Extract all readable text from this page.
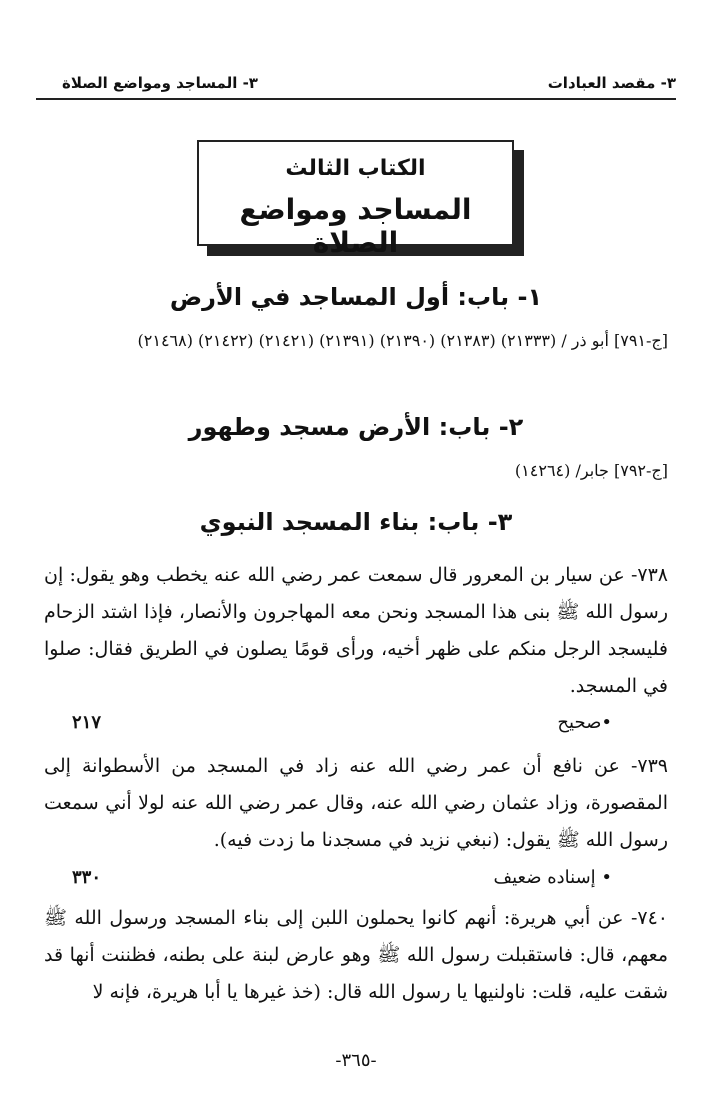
٣- مقصد العبادات
٣- المساجد ومواضع الصلاة
الكتاب الثالث
المساجد ومواضع الصلاة
١- باب: أول المساجد في الأرض
[ج-٧٩١] أبو ذر / (٢١٣٣٣) (٢١٣٨٣) (٢١٣٩٠) (٢١٣٩١) (٢١٤٢١) (٢١٤٢٢) (٢١٤٦٨)
٢- باب: الأرض مسجد وطهور
[ج-٧٩٢] جابر/ (١٤٢٦٤)
٣- باب: بناء المسجد النبوي
٧٣٨- عن سيار بن المعرور قال سمعت عمر رضي الله عنه يخطب وهو يقول: إن رسول الله ﷺ بنى هذا المسجد ونحن معه المهاجرون والأنصار، فإذا اشتد الزحام فليسجد الرجل منكم على ظهر أخيه، ورأى قومًا يصلون في الطريق فقال: صلوا في المسجد.
•صحيح
٢١٧
٧٣٩- عن نافع أن عمر رضي الله عنه زاد في المسجد من الأسطوانة إلى المقصورة، وزاد عثمان رضي الله عنه، وقال عمر رضي الله عنه لولا أني سمعت رسول الله ﷺ يقول: (نبغي نزيد في مسجدنا ما زدت فيه).
• إسناده ضعيف
٣٣٠
٧٤٠- عن أبي هريرة: أنهم كانوا يحملون اللبن إلى بناء المسجد ورسول الله ﷺ معهم، قال: فاستقبلت رسول الله ﷺ وهو عارض لبنة على بطنه، فظننت أنها قد شقت عليه، قلت: ناولنيها يا رسول الله قال: (خذ غيرها يا أبا هريرة، فإنه لا
-٣٦٥-
